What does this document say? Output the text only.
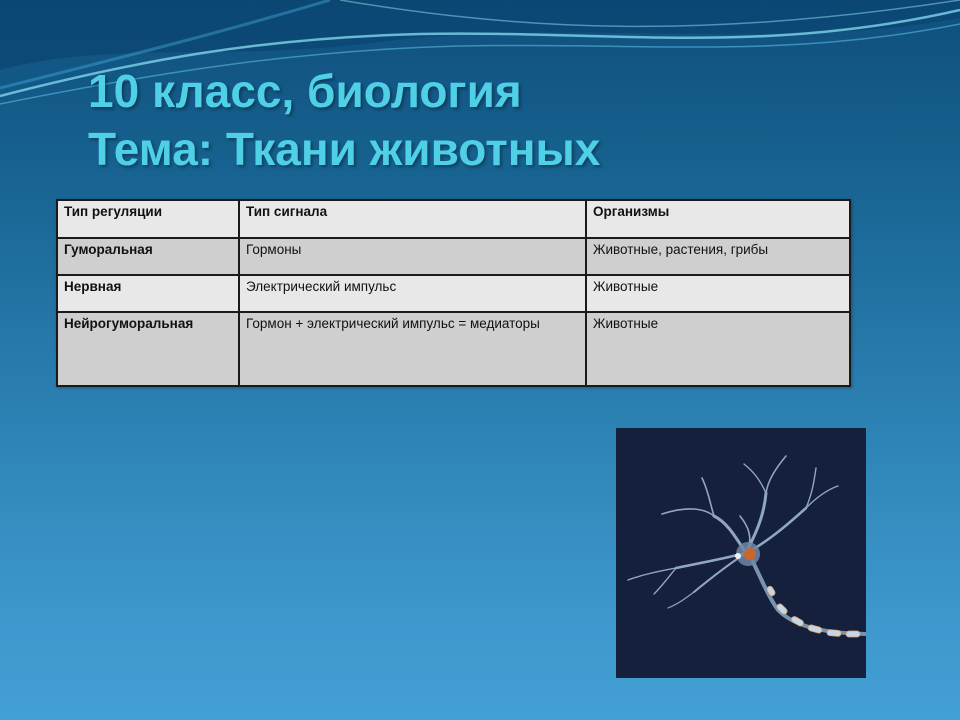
10 класс, биология
Тема: Ткани животных
Тип регуляции	Тип сигнала	Организмы
Гуморальная	Гормоны	Животные, растения, грибы
Нервная	Электрический импульс	Животные
Нейрогуморальная	Гормон + электрический импульс = медиаторы	Животные
